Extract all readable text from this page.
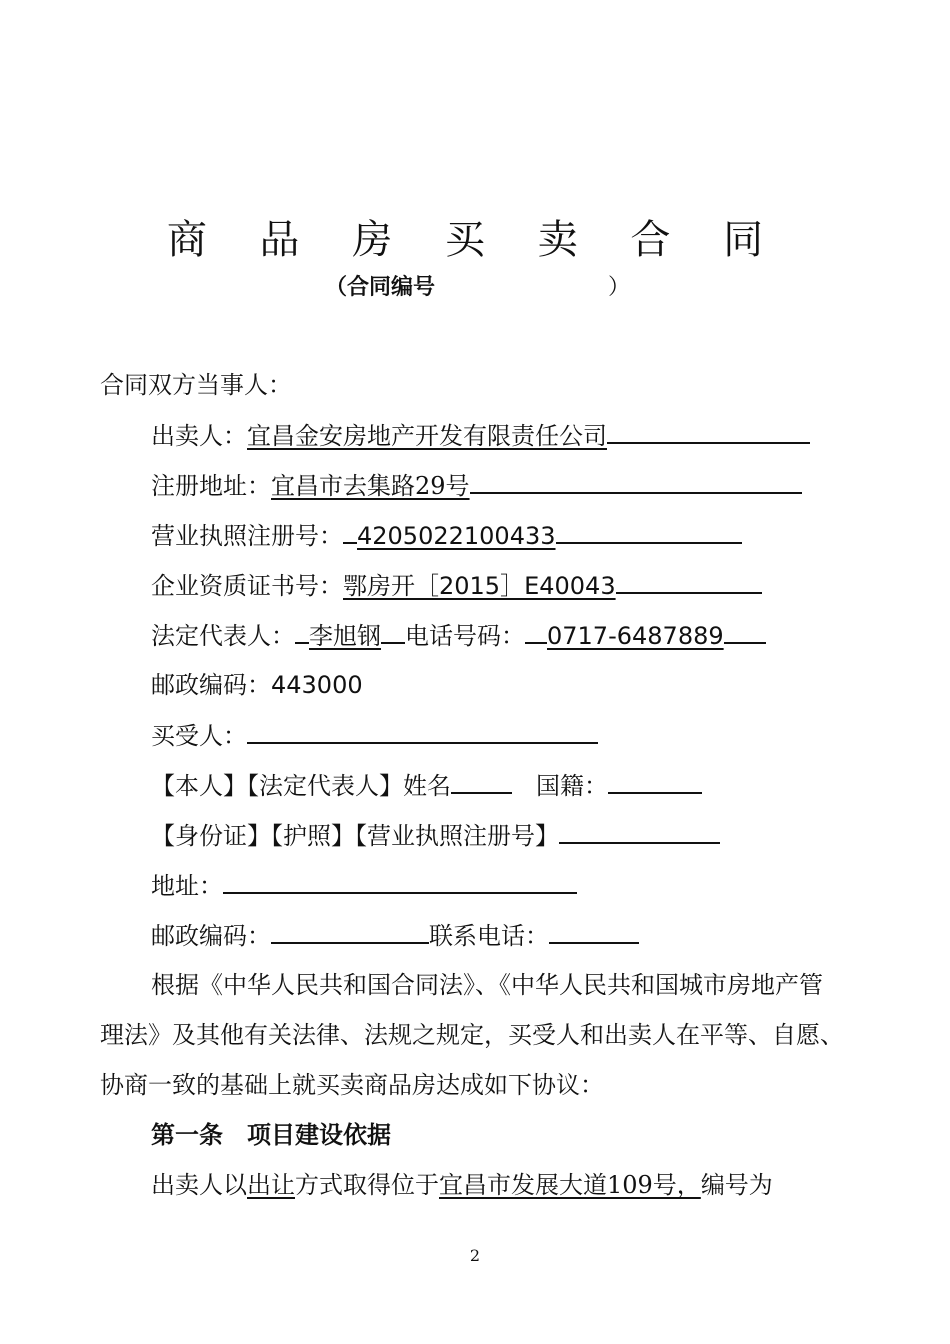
商 品 房 买 卖 合 同
（合同编号	）
合同双方当事人：
出卖人：宜昌金安房地产开发有限责任公司
注册地址：宜昌市去集路29号
营业执照注册号： 4205022100433
企业资质证书号：鄂房开［2015］E40043
法定代表人： 李旭钢 电话号码： 0717-6487889
邮政编码：443000
买受人：
【本人】【法定代表人】姓名	国籍：
【身份证】【护照】【营业执照注册号】
地址：
邮政编码：	联系电话：
根据《中华人民共和国合同法》、《中华人民共和国城市房地产管
理法》及其他有关法律、法规之规定，买受人和出卖人在平等、自愿、
协商一致的基础上就买卖商品房达成如下协议：
第一条　项目建设依据
出卖人以出让方式取得位于宜昌市发展大道109号，编号为
2
